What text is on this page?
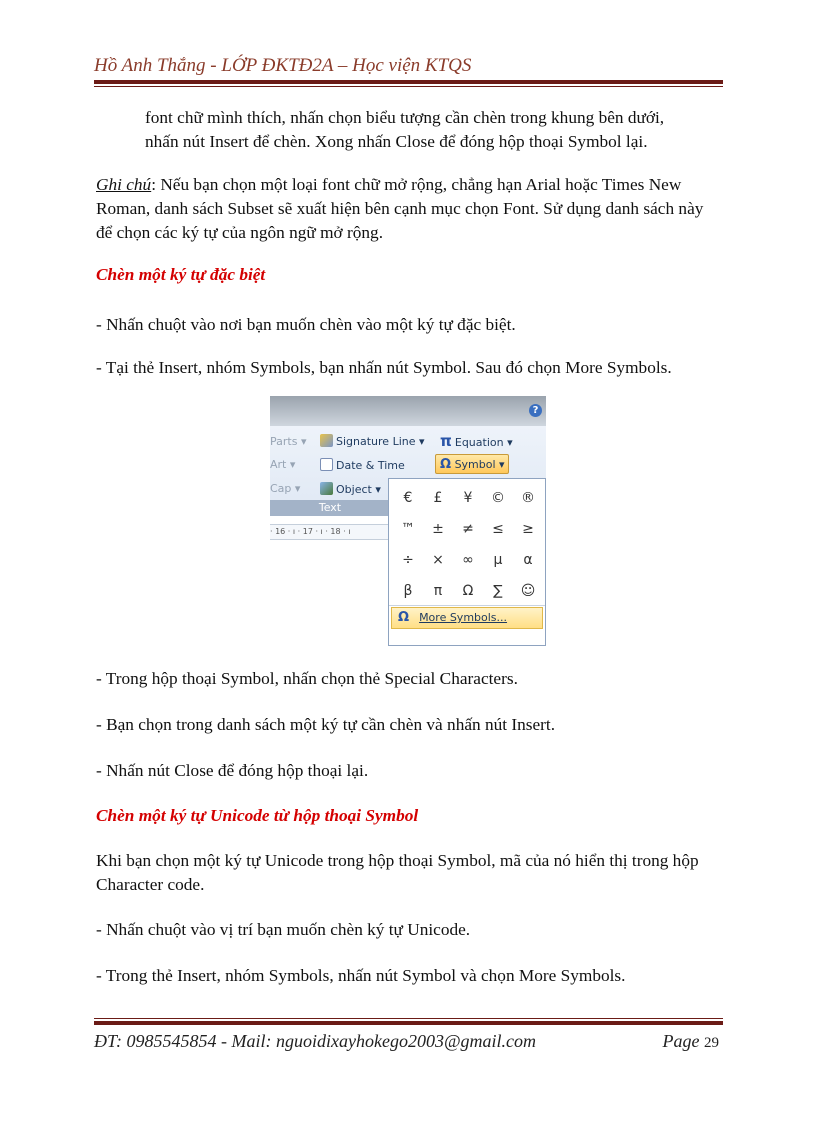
Hồ Anh Thắng - LỚP ĐKTĐ2A – Học viện KTQS

font chữ mình thích, nhấn chọn biểu tượng cần chèn trong khung bên dưới,

nhấn nút Insert để chèn. Xong nhấn Close để đóng hộp thoại Symbol lại.

Ghi chú: Nếu bạn chọn một loại font chữ mở rộng, chẳng hạn Arial hoặc Times New Roman, danh sách Subset sẽ xuất hiện bên cạnh mục chọn Font. Sử dụng danh sách này để chọn các ký tự của ngôn ngữ mở rộng.

Chèn một ký tự đặc biệt

- Nhấn chuột vào nơi bạn muốn chèn vào một ký tự đặc biệt.

- Tại thẻ Insert, nhóm Symbols, bạn nhấn nút Symbol. Sau đó chọn More Symbols.

?
Parts ▾
Art ▾
Cap ▾
Signature Line ▾
Date & Time
Object ▾
π Equation ▾
Ω Symbol ▾
Text
· 16 · ı · 17 · ı · 18 · ı
€	£	¥	©	®
™	±	≠	≤	≥
÷	×	∞	µ	α
β	π	Ω	∑	☺
Ω More Symbols...

- Trong hộp thoại Symbol, nhấn chọn thẻ Special Characters.

- Bạn chọn trong danh sách một ký tự cần chèn và nhấn nút Insert.

- Nhấn nút Close để đóng hộp thoại lại.

Chèn một ký tự Unicode từ hộp thoại Symbol

Khi bạn chọn một ký tự Unicode trong hộp thoại Symbol, mã của nó hiển thị trong hộp Character code.

- Nhấn chuột vào vị trí bạn muốn chèn ký tự Unicode.

- Trong thẻ Insert, nhóm Symbols, nhấn nút Symbol và chọn More Symbols.

ĐT: 0985545854 - Mail: nguoidixayhokego2003@gmail.com	Page 29
